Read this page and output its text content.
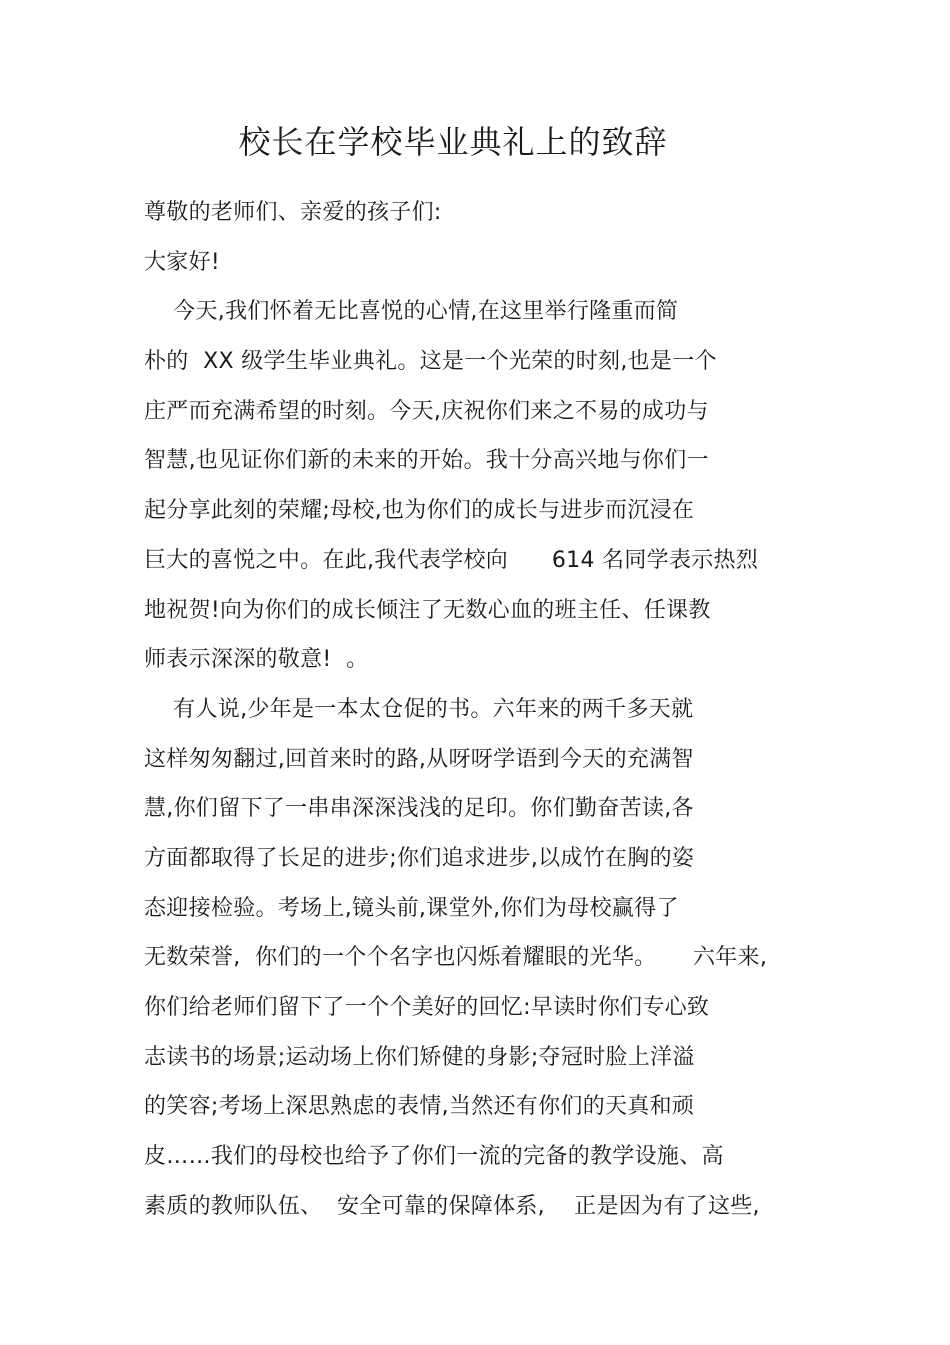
校长在学校毕业典礼上的致辞
尊敬的老师们、亲爱的孩子们:
大家好!
今天,我们怀着无比喜悦的心情,在这里举行隆重而简
朴的  XX 级学生毕业典礼。这是一个光荣的时刻,也是一个
庄严而充满希望的时刻。今天,庆祝你们来之不易的成功与
智慧,也见证你们新的未来的开始。我十分高兴地与你们一
起分享此刻的荣耀;母校,也为你们的成长与进步而沉浸在
巨大的喜悦之中。在此,我代表学校向      614 名同学表示热烈
地祝贺!向为你们的成长倾注了无数心血的班主任、任课教
师表示深深的敬意!  。
有人说,少年是一本太仓促的书。六年来的两千多天就
这样匆匆翻过,回首来时的路,从呀呀学语到今天的充满智
慧,你们留下了一串串深深浅浅的足印。你们勤奋苦读,各
方面都取得了长足的进步;你们追求进步,以成竹在胸的姿
态迎接检验。考场上,镜头前,课堂外,你们为母校赢得了
无数荣誉,  你们的一个个名字也闪烁着耀眼的光华。     六年来,
你们给老师们留下了一个个美好的回忆:早读时你们专心致
志读书的场景;运动场上你们矫健的身影;夺冠时脸上洋溢
的笑容;考场上深思熟虑的表情,当然还有你们的天真和顽
皮……我们的母校也给予了你们一流的完备的教学设施、高
素质的教师队伍、  安全可靠的保障体系,    正是因为有了这些,
